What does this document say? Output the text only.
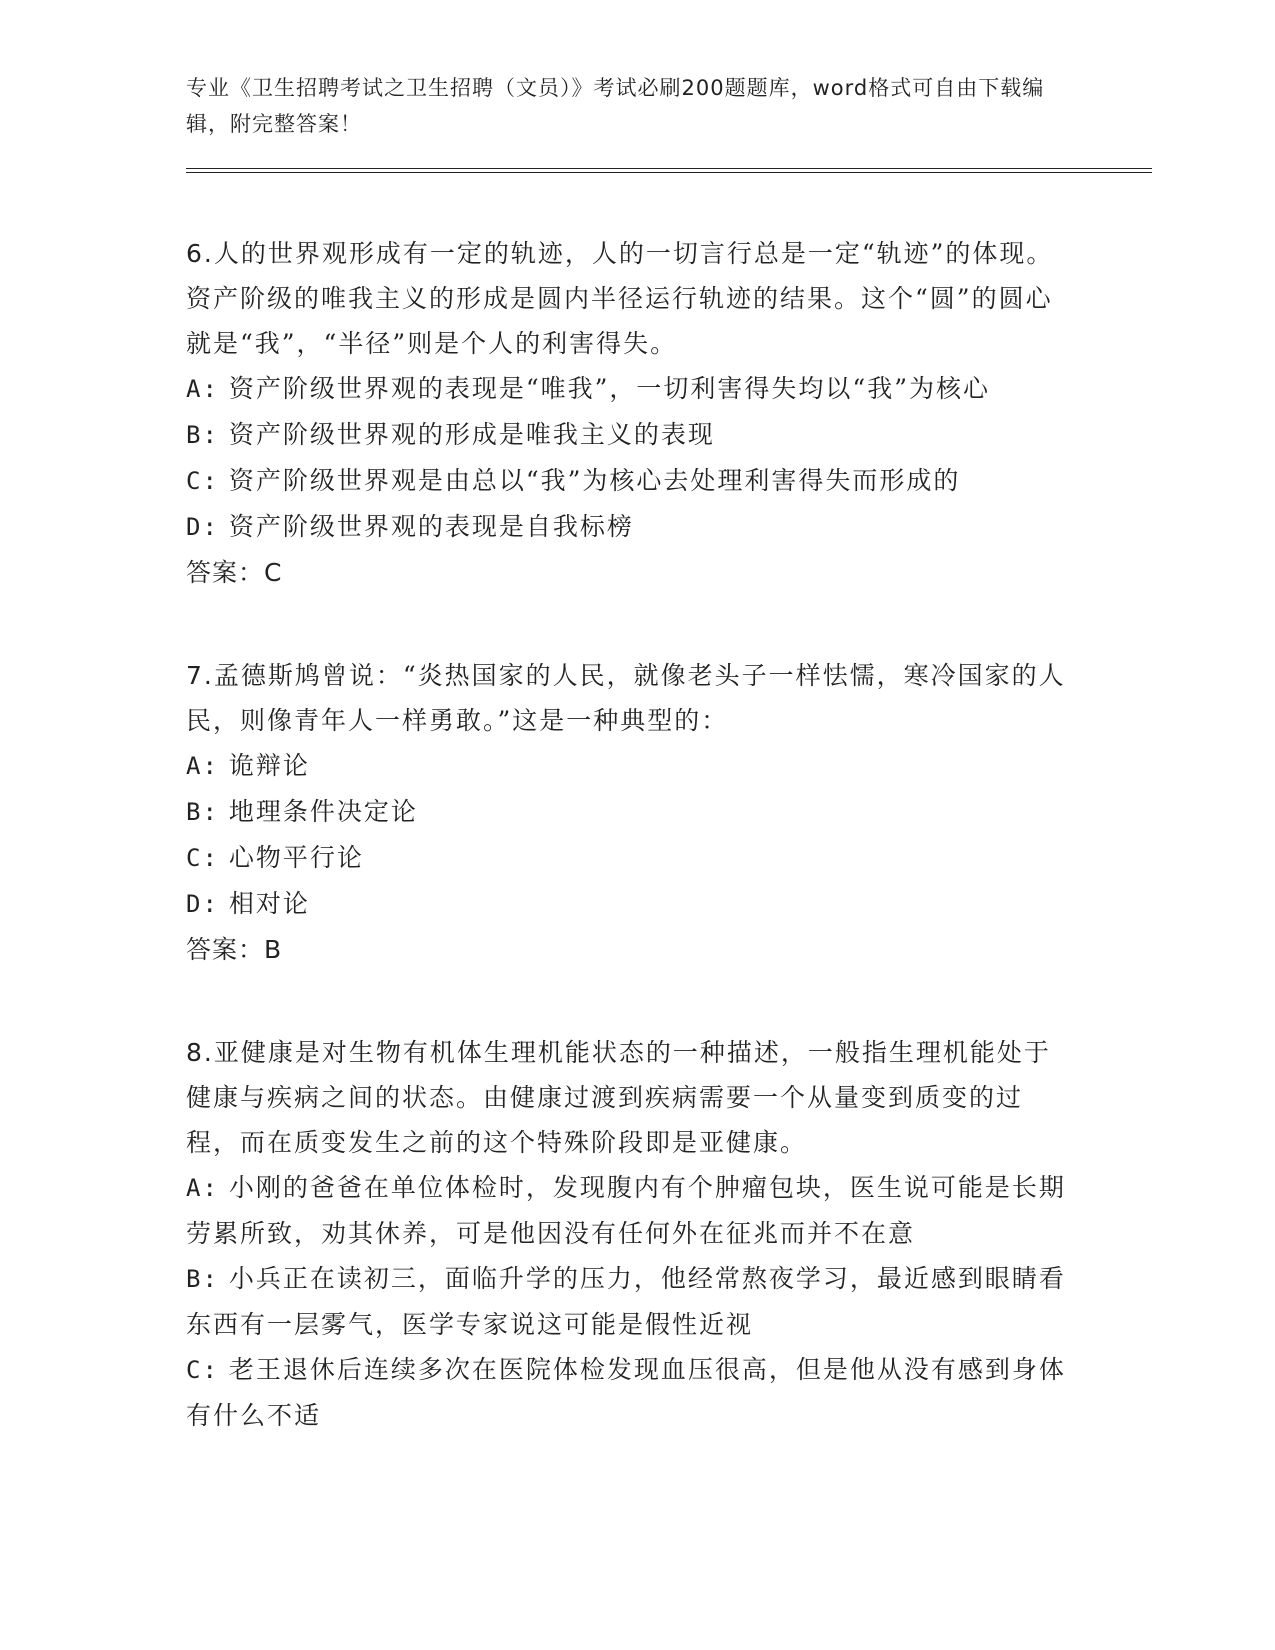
专业《卫生招聘考试之卫生招聘（文员）》考试必刷200题题库，word格式可自由下载编辑，附完整答案！

6.人的世界观形成有一定的轨迹，人的一切言行总是一定“轨迹”的体现。资产阶级的唯我主义的形成是圆内半径运行轨迹的结果。这个“圆”的圆心就是“我”，“半径”则是个人的利害得失。

A: 资产阶级世界观的表现是“唯我”，一切利害得失均以“我”为核心

B: 资产阶级世界观的形成是唯我主义的表现

C: 资产阶级世界观是由总以“我”为核心去处理利害得失而形成的

D: 资产阶级世界观的表现是自我标榜

答案：C

7.孟德斯鸠曾说：“炎热国家的人民，就像老头子一样怯懦，寒冷国家的人民，则像青年人一样勇敢。”这是一种典型的：

A: 诡辩论

B: 地理条件决定论

C: 心物平行论

D: 相对论

答案：B

8.亚健康是对生物有机体生理机能状态的一种描述，一般指生理机能处于健康与疾病之间的状态。由健康过渡到疾病需要一个从量变到质变的过程，而在质变发生之前的这个特殊阶段即是亚健康。

A: 小刚的爸爸在单位体检时，发现腹内有个肿瘤包块，医生说可能是长期劳累所致，劝其休养，可是他因没有任何外在征兆而并不在意

B: 小兵正在读初三，面临升学的压力，他经常熬夜学习，最近感到眼睛看东西有一层雾气，医学专家说这可能是假性近视

C: 老王退休后连续多次在医院体检发现血压很高，但是他从没有感到身体有什么不适
